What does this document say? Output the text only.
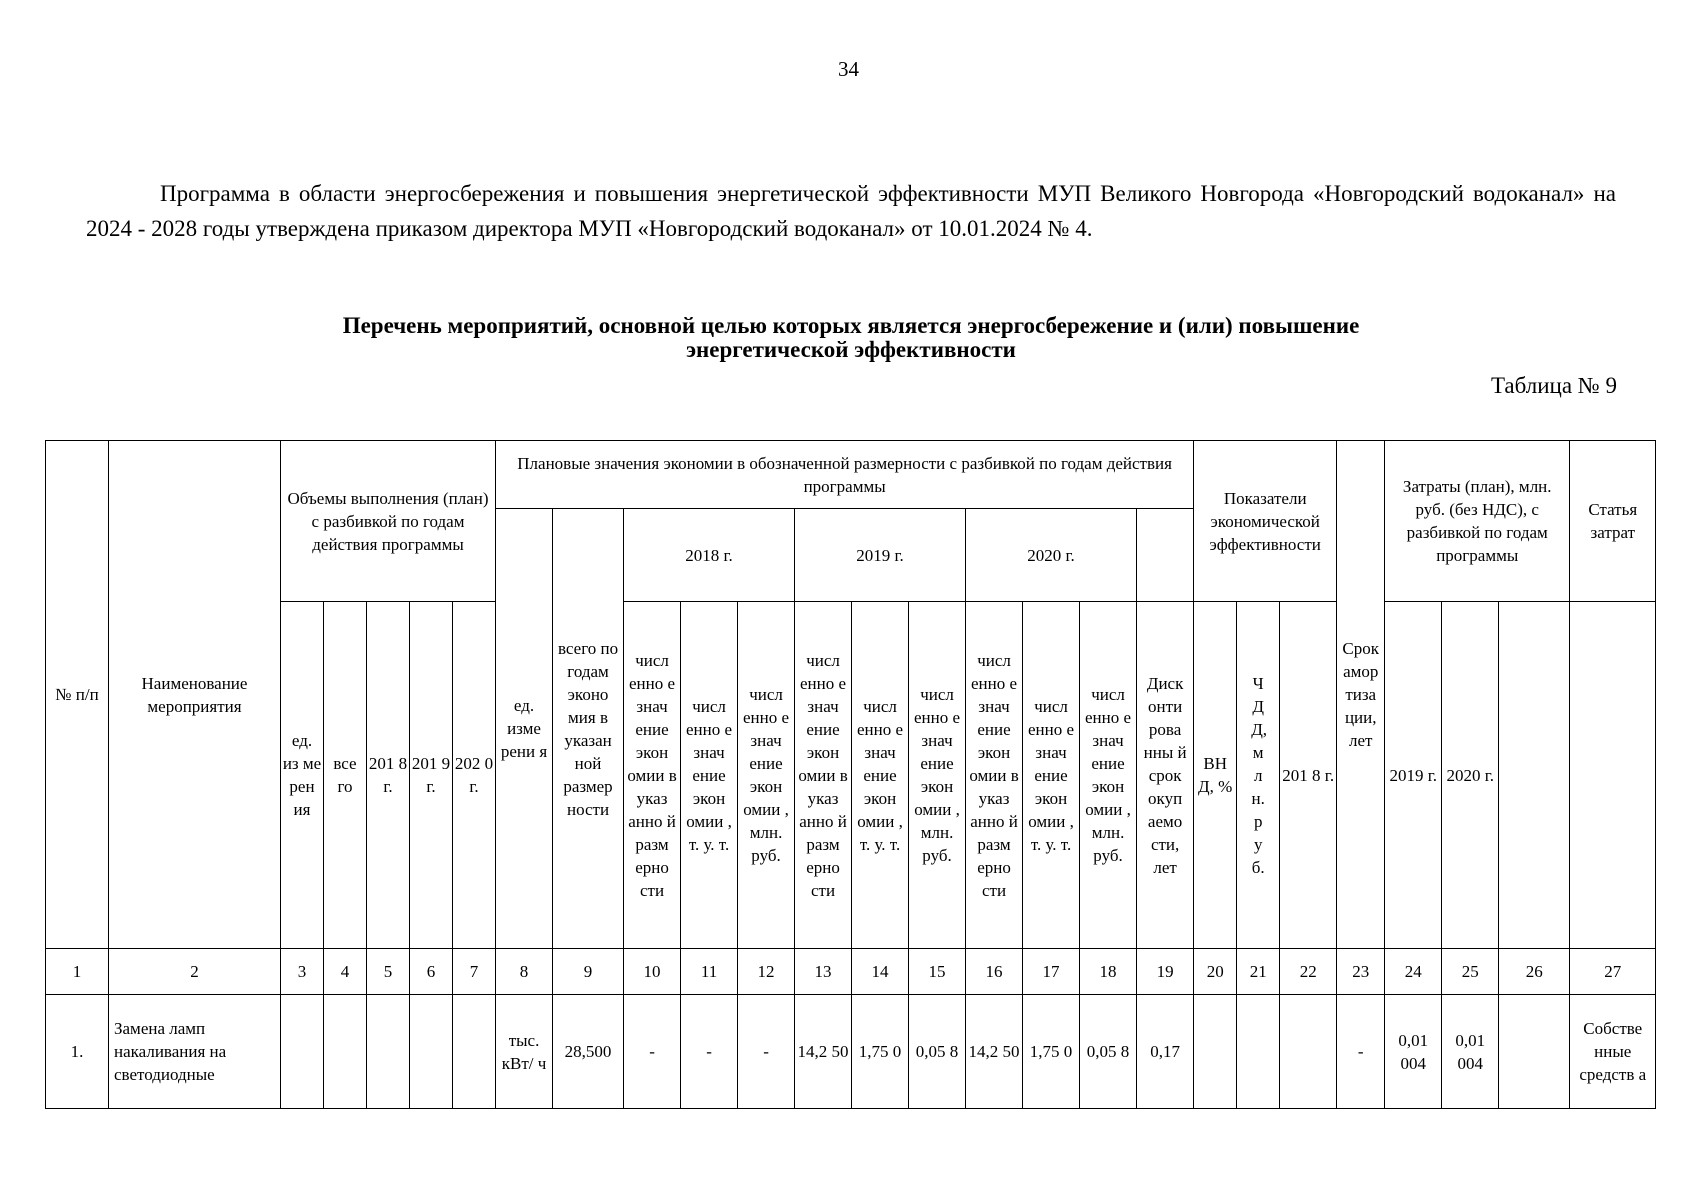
34

Программа в области энергосбережения и повышения энергетической эффективности МУП Великого Новгорода «Новгородский водоканал» на 2024 - 2028 годы утверждена приказом директора МУП «Новгородский водоканал» от 10.01.2024 № 4.

Перечень мероприятий, основной целью которых является энергосбережение и (или) повышение
энергетической эффективности
Таблица № 9
№ п/п	Наименование мероприятия	Объемы выполнения (план) с разбивкой по годам действия программы					Плановые значения экономии в обозначенной размерности с разбивкой по годам действия программы												Показатели экономической эффективности			Срок амор тиза ции, лет	Затраты (план), млн. руб. (без НДС), с разбивкой по годам программы			Статья затрат	
							ед. изме рени я	всего по годам эконо мия в указан ной размер ности	2018 г.			2019 г.			2020 г.												
		ед. из ме рен ия	все го	201 8 г.	201 9 г.	202 0 г.			числ енно е знач ение экон омии в указ анно й разм ерно сти	числ енно е знач ение экон омии , т. у. т.	числ енно е знач ение экон омии , млн. руб.	числ енно е знач ение экон омии в указ анно й разм ерно сти	числ енно е знач ение экон омии , т. у. т.	числ енно е знач ение экон омии , млн. руб.	числ енно е знач ение экон омии в указ анно й разм ерно сти	числ енно е знач ение экон омии , т. у. т.	числ енно е знач ение экон омии , млн. руб.	Диск онти рова нны й срок окуп аемо сти, лет	ВН Д, %	ЧДД,млн.руб.	201 8 г.		2019 г.	2020 г.			
1	2	3	4	5	6	7	8	9	10	11	12	13	14	15	16	17	18	19	20	21	22	23	24	25	26	27	
1.	Замена ламп накаливания на светодиодные						тыс. кВт/ ч	28,500	-	-	-	14,2 50	1,75 0	0,05 8	14,2 50	1,75 0	0,05 8	0,17				-	0,01 004	0,01 004		Собстве нные средств а	
